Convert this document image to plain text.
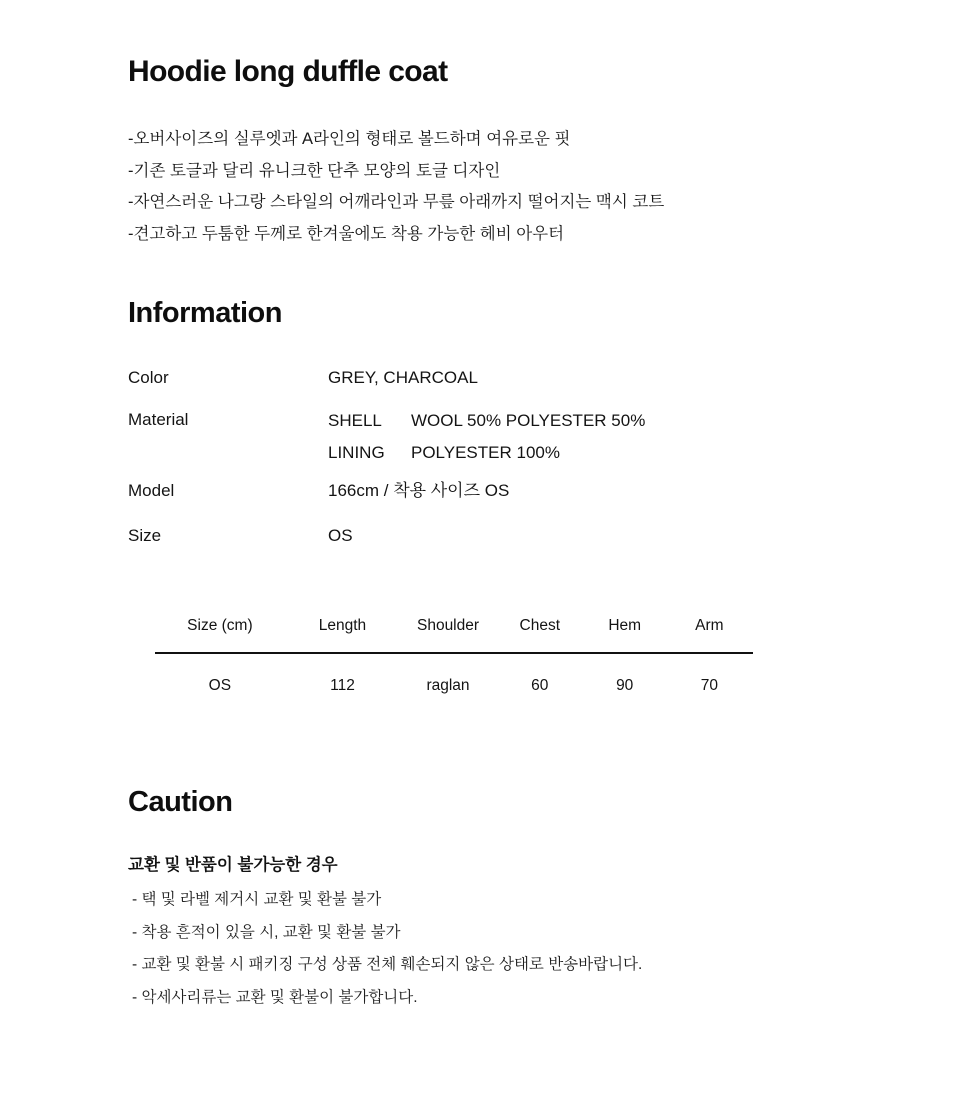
Hoodie long duffle coat
-오버사이즈의 실루엣과 A라인의 형태로 볼드하며 여유로운 핏
-기존 토글과 달리 유니크한 단추 모양의 토글 디자인
-자연스러운 나그랑 스타일의 어깨라인과 무릎 아래까지 떨어지는 맥시 코트
-견고하고 두툼한 두께로 한겨울에도 착용 가능한 헤비 아우터
Information
Color	GREY, CHARCOAL
Material	SHELL WOOL 50% POLYESTER 50%
LINING POLYESTER 100%
Model	166cm / 착용 사이즈 OS
Size	OS
Size (cm)	Length	Shoulder	Chest	Hem	Arm
OS	112	raglan	60	90	70
Caution

교환 및 반품이 불가능한 경우

- 택 및 라벨 제거시 교환 및 환불 불가
- 착용 흔적이 있을 시, 교환 및 환불 불가
- 교환 및 환불 시 패키징 구성 상품 전체 훼손되지 않은 상태로 반송바랍니다.
- 악세사리류는 교환 및 환불이 불가합니다.
